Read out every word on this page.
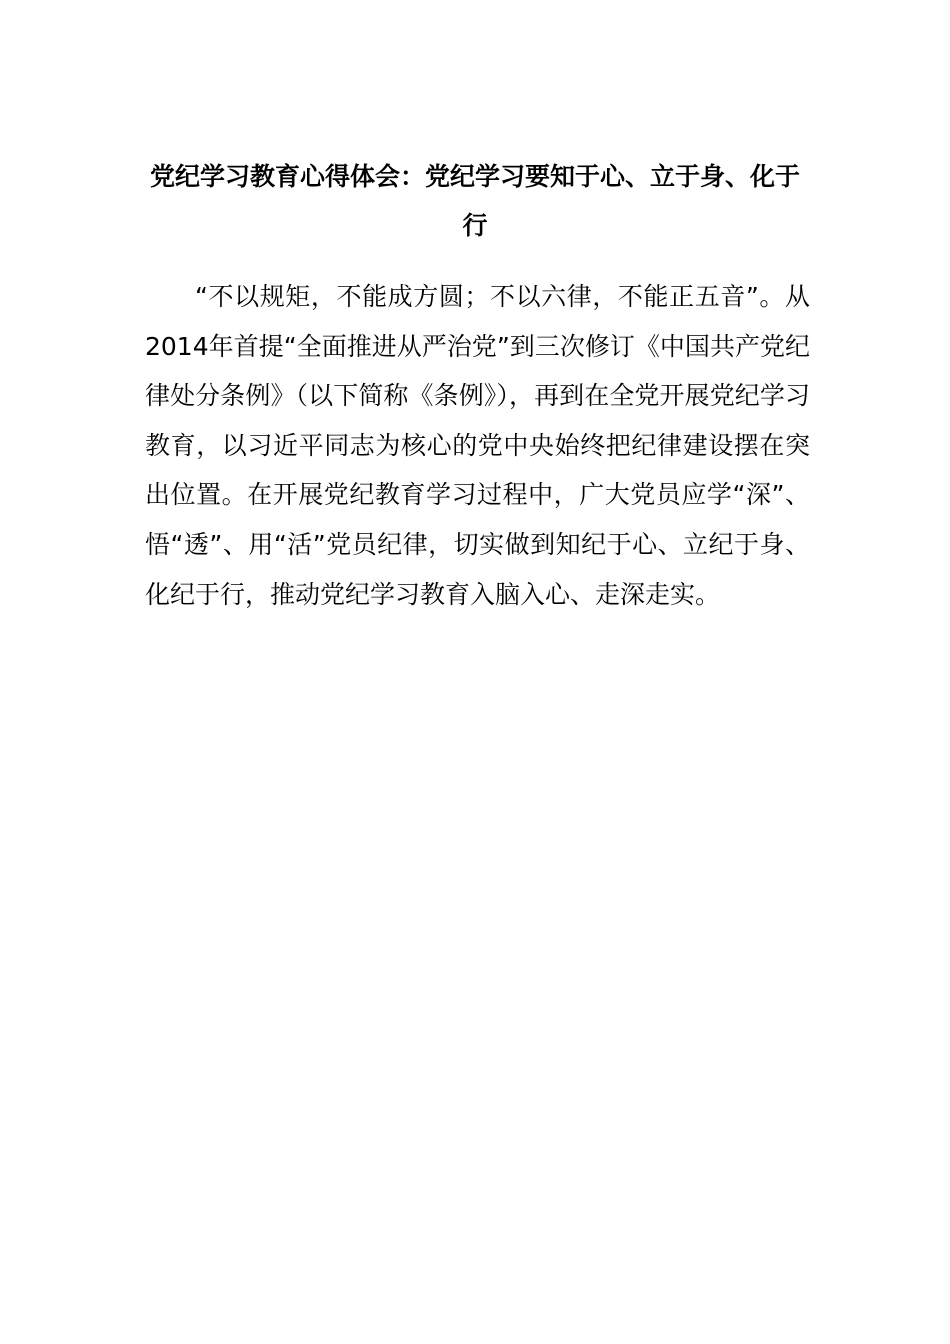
党纪学习教育心得体会：党纪学习要知于心、立于身、化于行

“不以规矩，不能成方圆；不以六律，不能正五音”。从2014年首提“全面推进从严治党”到三次修订《中国共产党纪律处分条例》（以下简称《条例》），再到在全党开展党纪学习教育，以习近平同志为核心的党中央始终把纪律建设摆在突出位置。在开展党纪教育学习过程中，广大党员应学“深”、悟“透”、用“活”党员纪律，切实做到知纪于心、立纪于身、化纪于行，推动党纪学习教育入脑入心、走深走实。
